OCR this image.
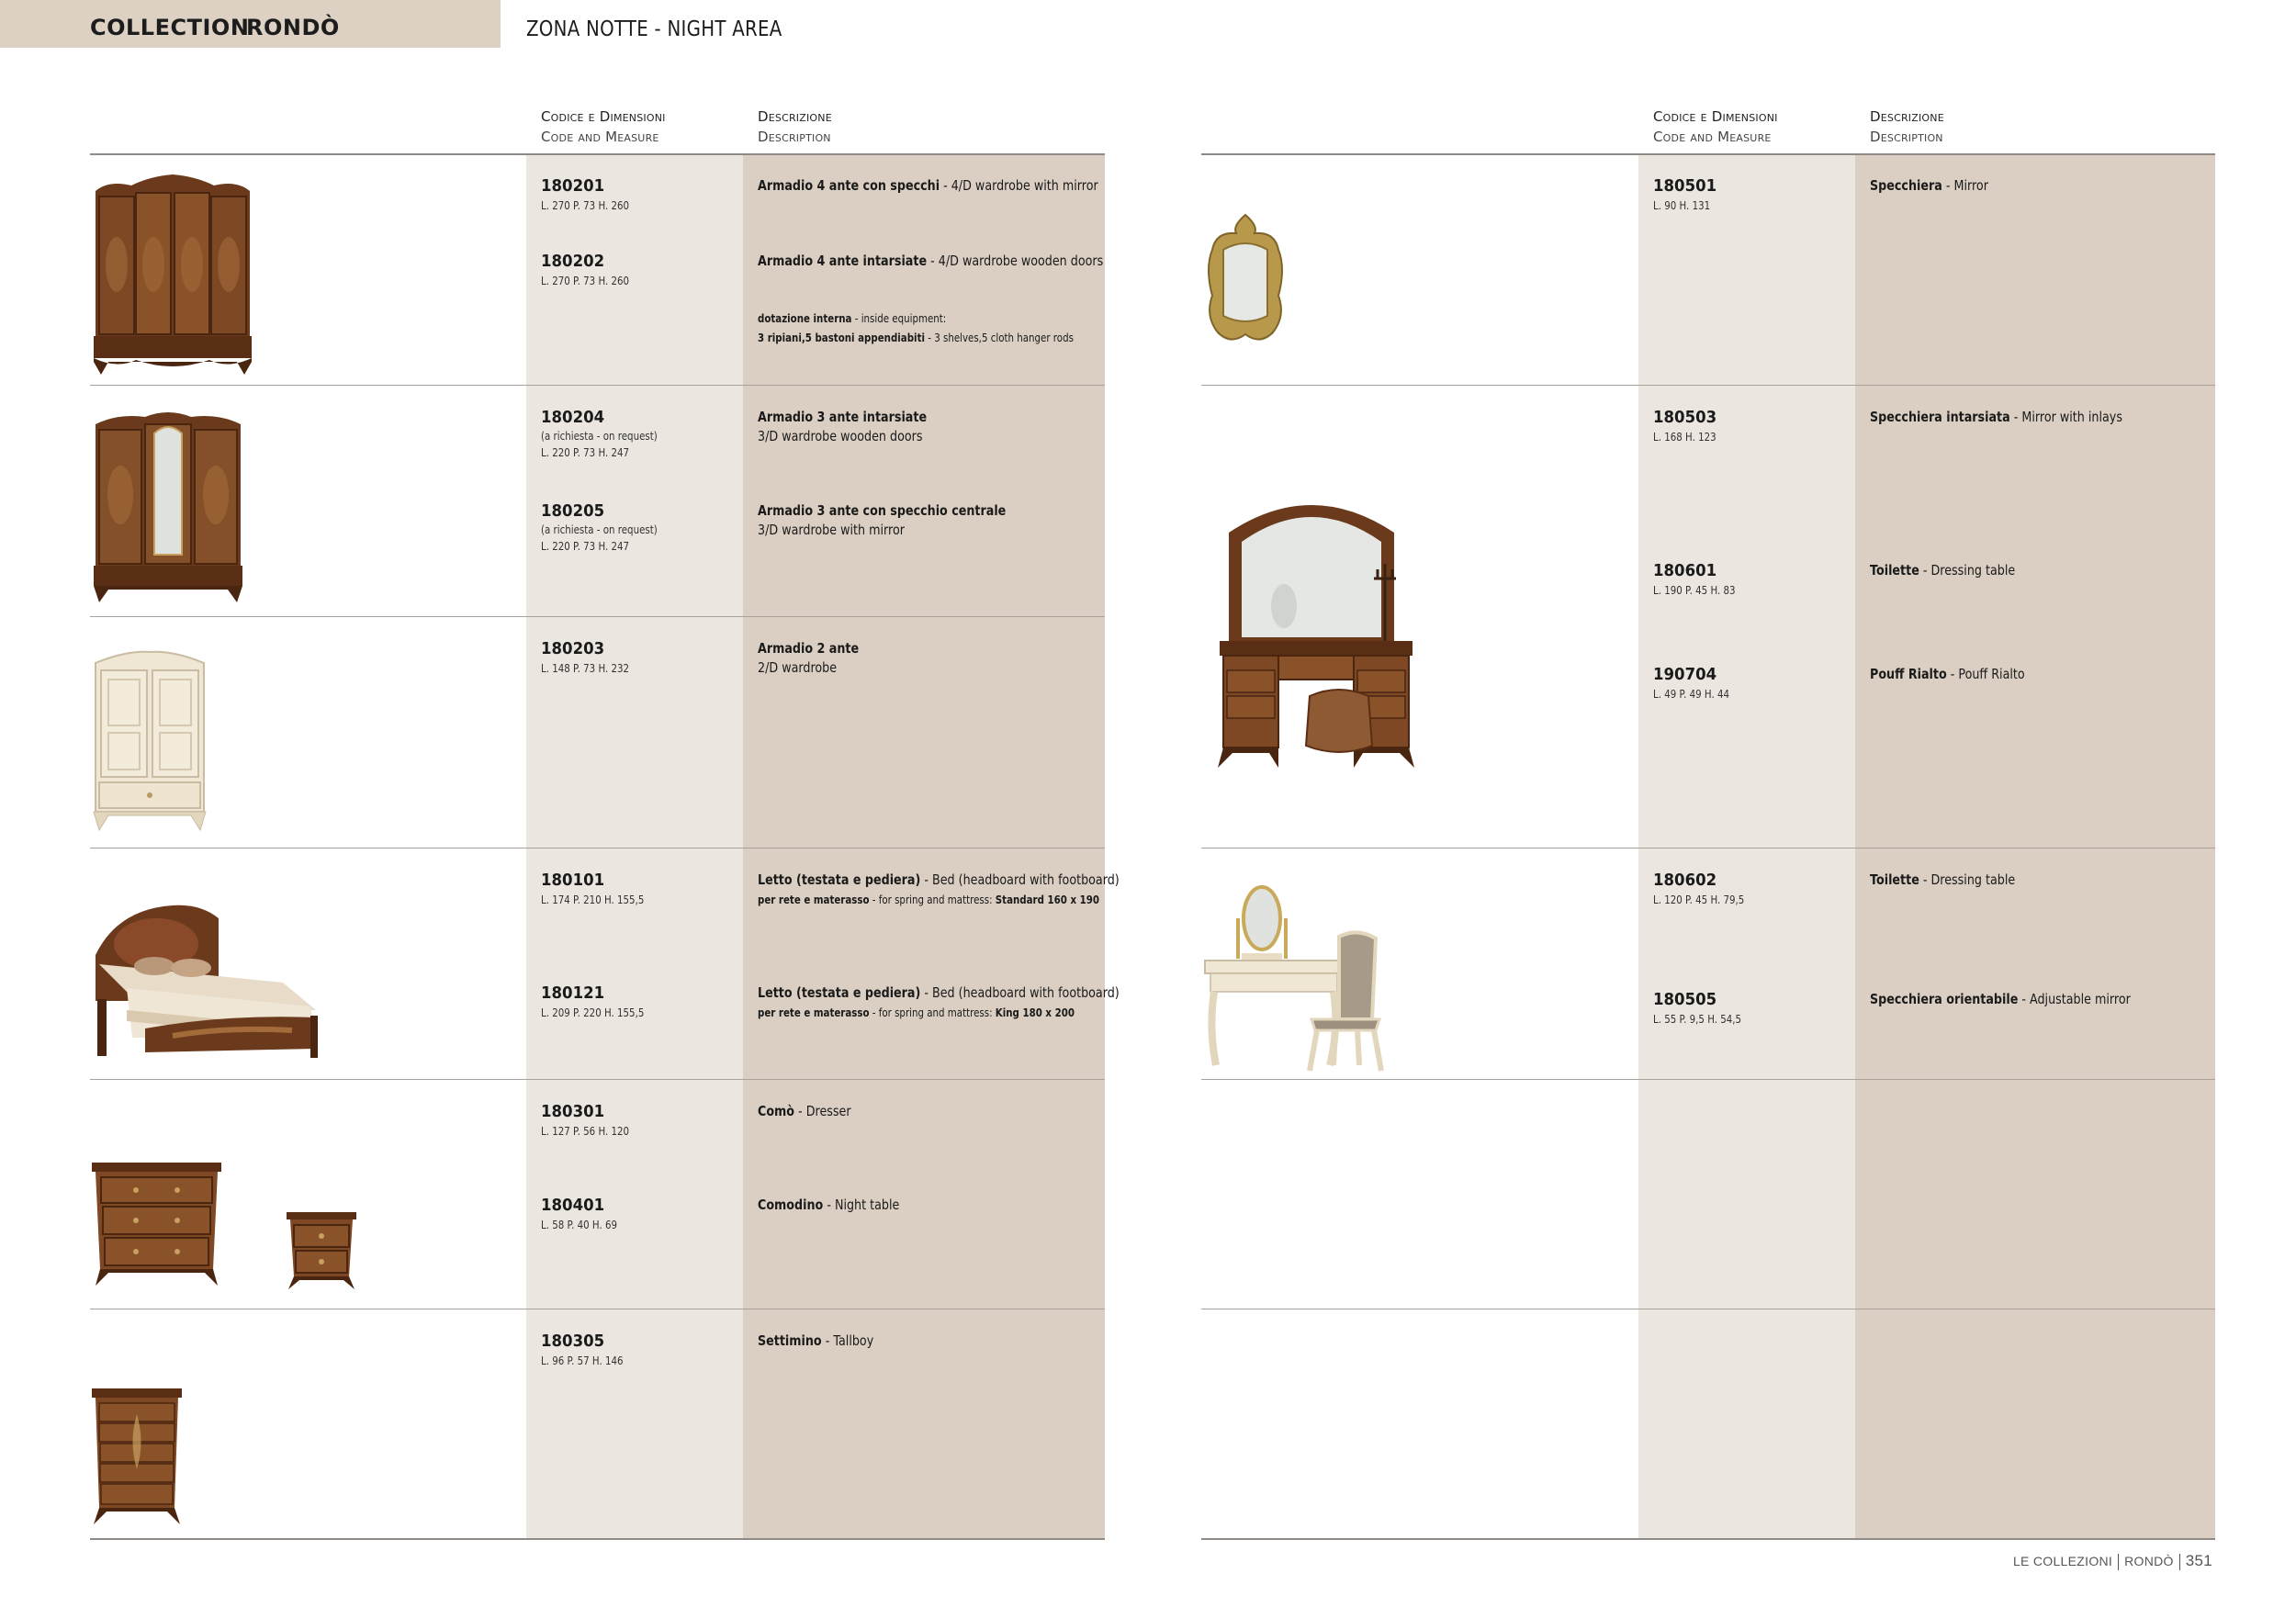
COLLECTION
RONDÒ	ZONA NOTTE - NIGHT AREA
Codice e Dimensioni
Code and Measure
Descrizione
Description
Codice e Dimensioni
Code and Measure
Descrizione
Description
180201
L. 270 P. 73 H. 260
Armadio 4 ante con specchi - 4/D wardrobe with mirror
180202
L. 270 P. 73 H. 260
Armadio 4 ante intarsiate - 4/D wardrobe wooden doors
dotazione interna - inside equipment:
3 ripiani,5 bastoni appendiabiti - 3 shelves,5 cloth hanger rods
180204
(a richiesta - on request)
L. 220 P. 73 H. 247
Armadio 3 ante intarsiate
3/D wardrobe wooden doors
180205
(a richiesta - on request)
L. 220 P. 73 H. 247
Armadio 3 ante con specchio centrale
3/D wardrobe with mirror
180203
L. 148 P. 73 H. 232
Armadio 2 ante
2/D wardrobe
180101
L. 174 P. 210 H. 155,5
Letto (testata e pediera) - Bed (headboard with footboard)
per rete e materasso - for spring and mattress: Standard 160 x 190
180121
L. 209 P. 220 H. 155,5
Letto (testata e pediera) - Bed (headboard with footboard)
per rete e materasso - for spring and mattress: King 180 x 200
180301
L. 127 P. 56 H. 120
Comò - Dresser
180401
L. 58 P. 40 H. 69
Comodino - Night table
180305
L. 96 P. 57 H. 146
Settimino - Tallboy
180501
L. 90 H. 131
Specchiera - Mirror
180503
L. 168 H. 123
Specchiera intarsiata - Mirror with inlays
180601
L. 190 P. 45 H. 83
Toilette - Dressing table
190704
L. 49 P. 49 H. 44
Pouff Rialto - Pouff Rialto
180602
L. 120 P. 45 H. 79,5
Toilette - Dressing table
180505
L. 55 P. 9,5 H. 54,5
Specchiera orientabile - Adjustable mirror
LE COLLEZIONI RONDÒ 351
